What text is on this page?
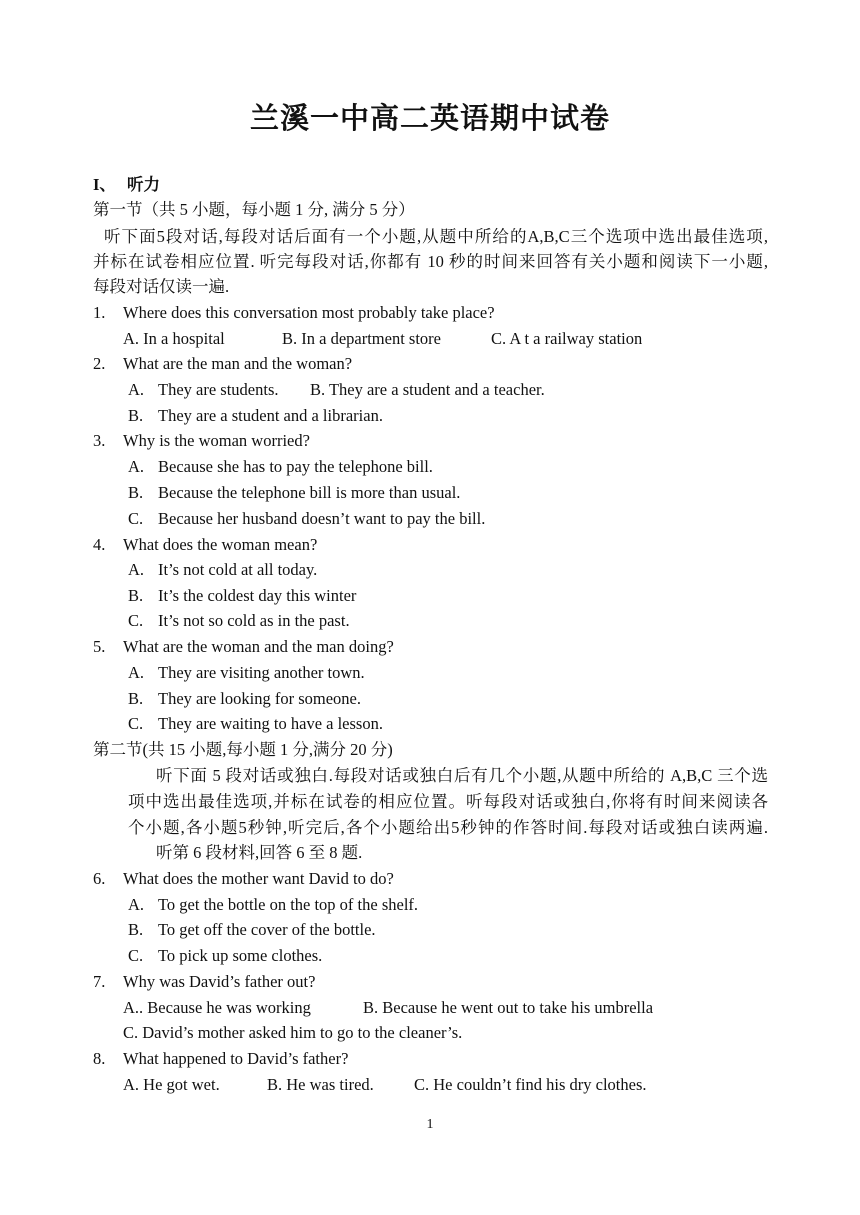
兰溪一中高二英语期中试卷
I、 听力
第一节（共 5 小题，每小题 1 分, 满分 5 分）
听下面5段对话,每段对话后面有一个小题,从题中所给的A,B,C三个选项中选出最佳选项,
并标在试卷相应位置. 听完每段对话,你都有 10 秒的时间来回答有关小题和阅读下一小题,
每段对话仅读一遍.
1. Where does this conversation most probably take place?
A. In a hospital	B. In a department store	C. A t a railway station
2. What are the man and the woman?
A. They are students. B. They are a student and a teacher.
B. They are a student and a librarian.
3. Why is the woman worried?
A. Because she has to pay the telephone bill.
B. Because the telephone bill is more than usual.
C. Because her husband doesn’t want to pay the bill.
4. What does the woman mean?
A. It’s not cold at all today.
B. It’s the coldest day this winter
C. It’s not so cold as in the past.
5. What are the woman and the man doing?
A. They are visiting another town.
B. They are looking for someone.
C. They are waiting to have a lesson.
第二节(共 15 小题,每小题 1 分,满分 20 分)
听下面 5 段对话或独白.每段对话或独白后有几个小题,从题中所给的 A,B,C 三个选
项中选出最佳选项,并标在试卷的相应位置。听每段对话或独白,你将有时间来阅读各
个小题,各小题5秒钟,听完后,各个小题给出5秒钟的作答时间.每段对话或独白读两遍.
听第 6 段材料,回答 6 至 8 题.
6. What does the mother want David to do?
A. To get the bottle on the top of the shelf.
B. To get off the cover of the bottle.
C. To pick up some clothes.
7. Why was David’s father out?
A.. Because he was working	B. Because he went out to take his umbrella
C. David’s mother asked him to go to the cleaner’s.
8. What happened to David’s father?
A. He got wet.	B. He was tired. C. He couldn’t find his dry clothes.
1
